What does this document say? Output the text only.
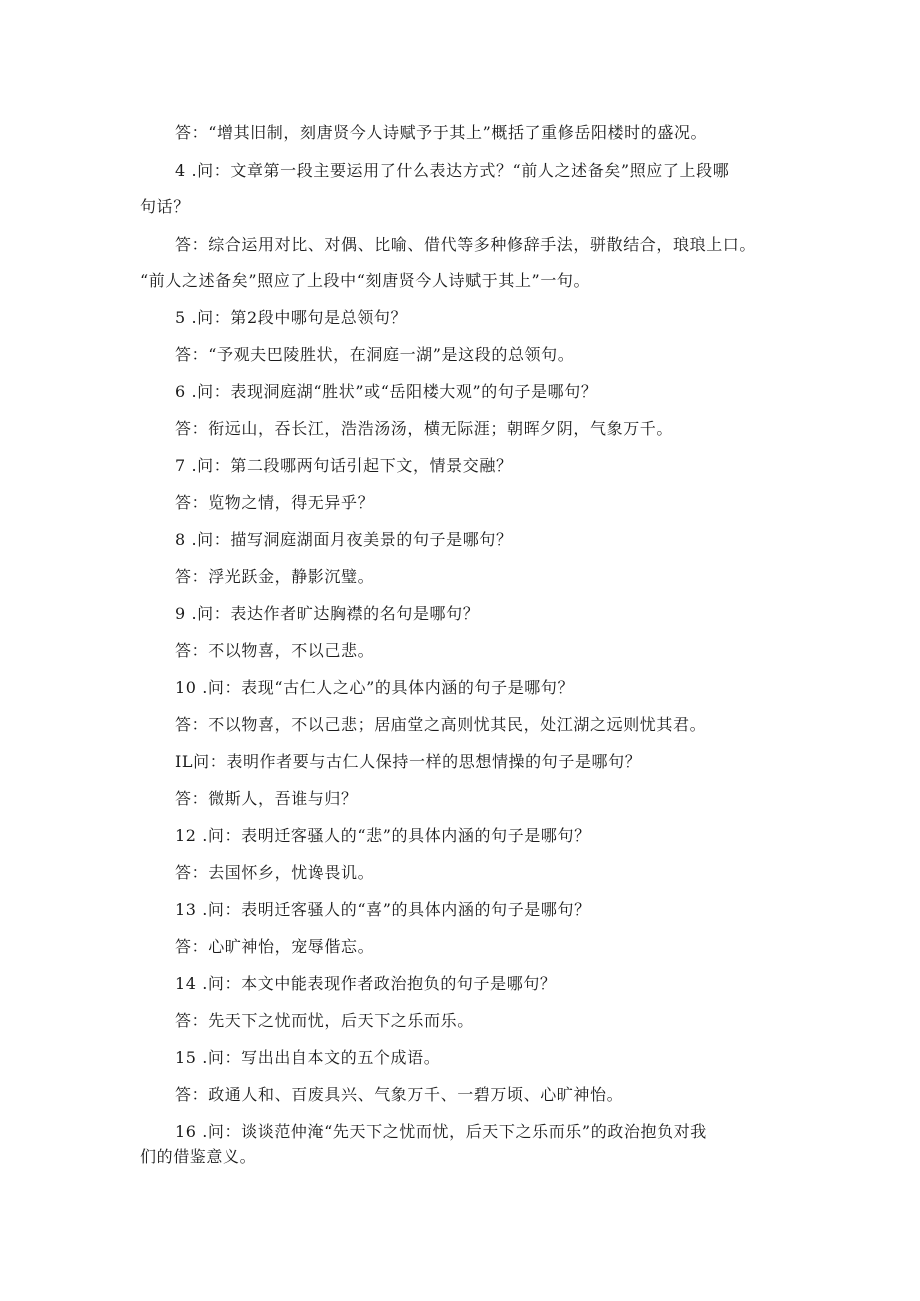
答：“增其旧制，刻唐贤今人诗赋予于其上”概括了重修岳阳楼时的盛况。
4 .问：文章第一段主要运用了什么表达方式？“前人之述备矣”照应了上段哪
句话？
答：综合运用对比、对偶、比喻、借代等多种修辞手法，骈散结合，琅琅上口。
“前人之述备矣”照应了上段中“刻唐贤今人诗赋于其上”一句。
5 .问：第2段中哪句是总领句？
答：“予观夫巴陵胜状，在洞庭一湖”是这段的总领句。
6 .问：表现洞庭湖“胜状”或“岳阳楼大观”的句子是哪句？
答：衔远山，吞长江，浩浩汤汤，横无际涯；朝晖夕阴，气象万千。
7 .问：第二段哪两句话引起下文，情景交融？
答：览物之情，得无异乎？
8 .问：描写洞庭湖面月夜美景的句子是哪句？
答：浮光跃金，静影沉璧。
9 .问：表达作者旷达胸襟的名句是哪句？
答：不以物喜，不以己悲。
10 .问：表现“古仁人之心”的具体内涵的句子是哪句？
答：不以物喜，不以己悲；居庙堂之高则忧其民，处江湖之远则忧其君。
IL问：表明作者要与古仁人保持一样的思想情操的句子是哪句？
答：微斯人，吾谁与归？
12 .问：表明迁客骚人的“悲”的具体内涵的句子是哪句？
答：去国怀乡，忧谗畏讥。
13 .问：表明迁客骚人的“喜”的具体内涵的句子是哪句？
答：心旷神怡，宠辱偕忘。
14 .问：本文中能表现作者政治抱负的句子是哪句？
答：先天下之忧而忧，后天下之乐而乐。
15 .问：写出出自本文的五个成语。
答：政通人和、百废具兴、气象万千、一碧万顷、心旷神怡。
16 .问：谈谈范仲淹“先天下之忧而忧，后天下之乐而乐”的政治抱负对我
们的借鉴意义。
